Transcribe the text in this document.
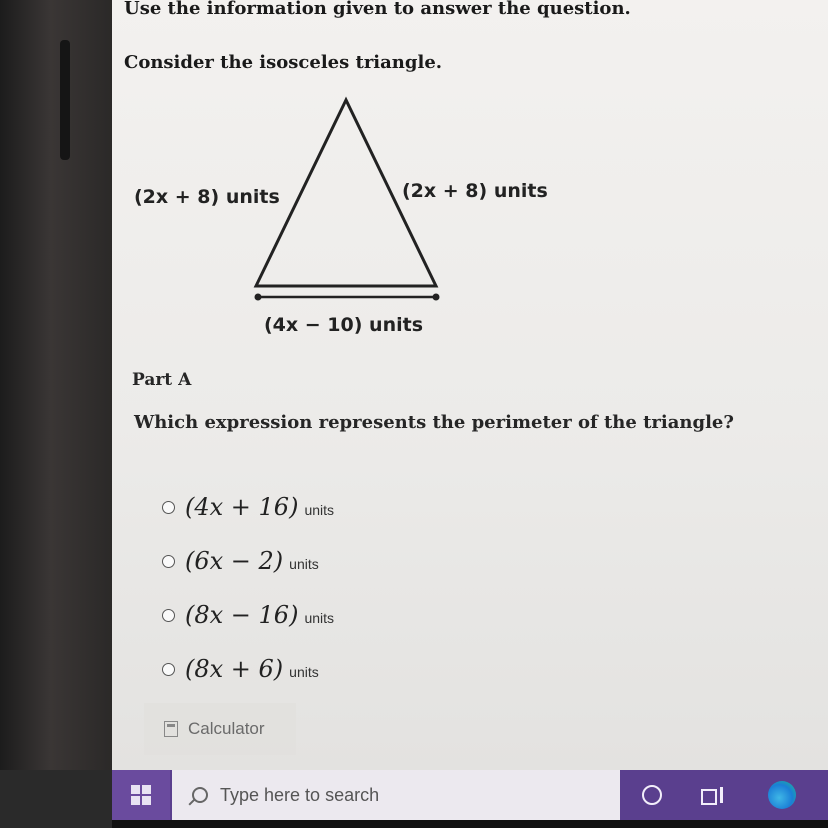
Use the information given to answer the question.
Consider the isosceles triangle.
(2x + 8) units	(2x + 8) units
(4x − 10) units
Part A
Which expression represents the perimeter of the triangle?
(4x + 16) units
(6x − 2) units
(8x − 16) units
(8x + 6) units
Calculator
Type here to search
